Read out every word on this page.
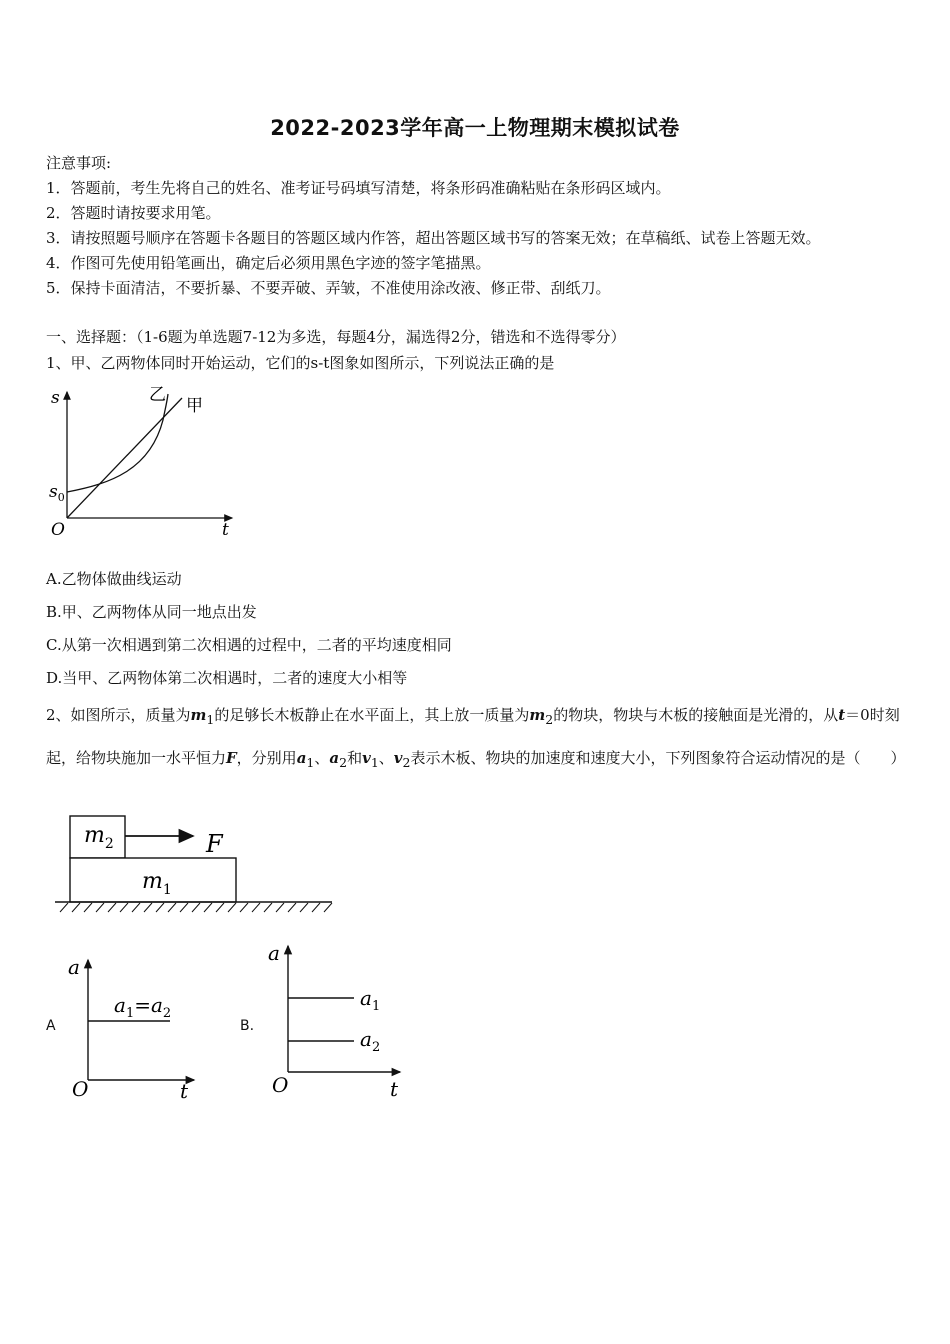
2022-2023学年高一上物理期末模拟试卷
注意事项:
1．答题前，考生先将自己的姓名、准考证号码填写清楚，将条形码准确粘贴在条形码区域内。
2．答题时请按要求用笔。
3．请按照题号顺序在答题卡各题目的答题区域内作答，超出答题区域书写的答案无效；在草稿纸、试卷上答题无效。
4．作图可先使用铅笔画出，确定后必须用黑色字迹的签字笔描黑。
5．保持卡面清洁，不要折暴、不要弄破、弄皱，不准使用涂改液、修正带、刮纸刀。
一、选择题：（1-6题为单选题7-12为多选，每题4分，漏选得2分，错选和不选得零分）
1、甲、乙两物体同时开始运动，它们的s-t图象如图所示，下列说法正确的是
s
t
O
$s_0$
乙
甲
A.乙物体做曲线运动
B.甲、乙两物体从同一地点出发
C.从第一次相遇到第二次相遇的过程中，二者的平均速度相同
D.当甲、乙两物体第二次相遇时，二者的速度大小相等
2、如图所示，质量为$m_1$的足够长木板静止在水平面上，其上放一质量为$m_2$的物块，物块与木板的接触面是光滑的，从t＝0时刻起，给物块施加一水平恒力F，分别用$a_1$、$a_2$和$v_1$、$v_2$表示木板、物块的加速度和速度大小，下列图象符合运动情况的是（　　）
$m_2$
$m_1$
F
A
a
t
O
$a_1=a_2$
B.
a
t
O
$a_1$
$a_2$
